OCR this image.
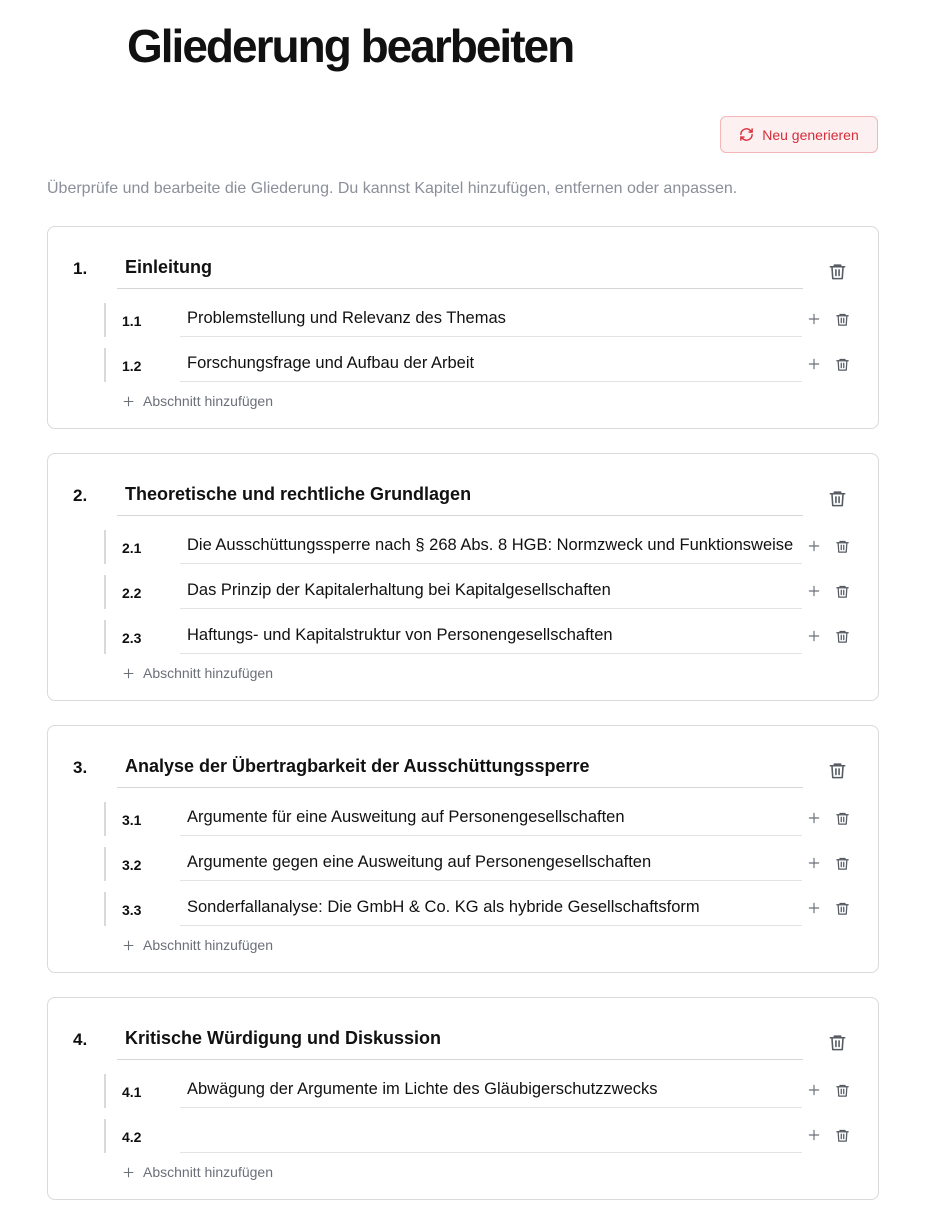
Gliederung bearbeiten
Neu generieren

Überprüfe und bearbeite die Gliederung. Du kannst Kapitel hinzufügen, entfernen oder anpassen.

1.
Einleitung
1.1
Problemstellung und Relevanz des Themas
1.2
Forschungsfrage und Aufbau der Arbeit
Abschnitt hinzufügen
2.
Theoretische und rechtliche Grundlagen
2.1
Die Ausschüttungssperre nach § 268 Abs. 8 HGB: Normzweck und Funktionsweise
2.2
Das Prinzip der Kapitalerhaltung bei Kapitalgesellschaften
2.3
Haftungs- und Kapitalstruktur von Personengesellschaften
Abschnitt hinzufügen
3.
Analyse der Übertragbarkeit der Ausschüttungssperre
3.1
Argumente für eine Ausweitung auf Personengesellschaften
3.2
Argumente gegen eine Ausweitung auf Personengesellschaften
3.3
Sonderfallanalyse: Die GmbH & Co. KG als hybride Gesellschaftsform
Abschnitt hinzufügen
4.
Kritische Würdigung und Diskussion
4.1
Abwägung der Argumente im Lichte des Gläubigerschutzzwecks
4.2
Abschnitt hinzufügen
